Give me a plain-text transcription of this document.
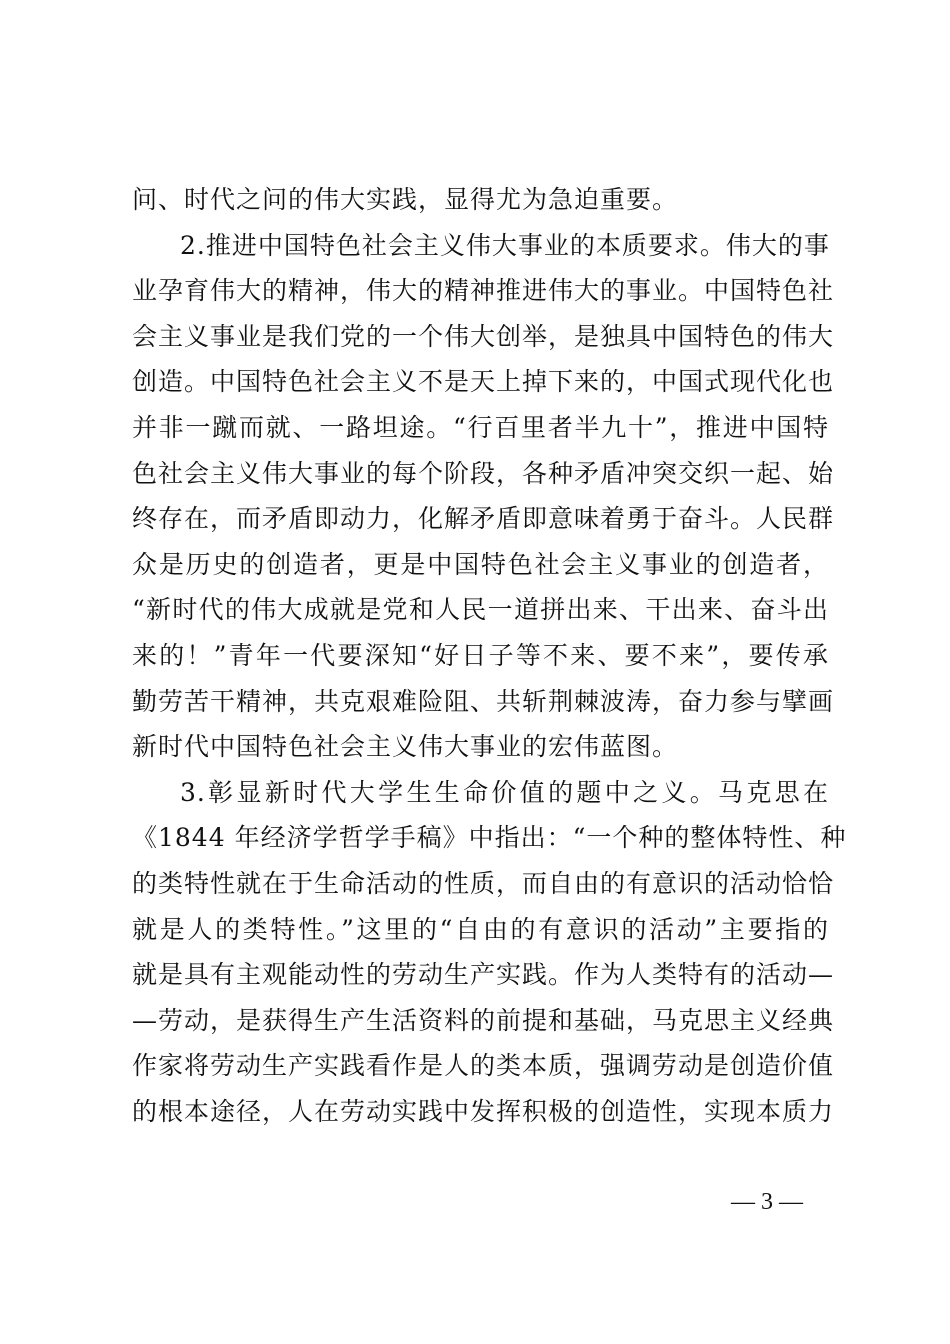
问、时代之问的伟大实践，显得尤为急迫重要。
2.推进中国特色社会主义伟大事业的本质要求。伟大的事
业孕育伟大的精神，伟大的精神推进伟大的事业。中国特色社
会主义事业是我们党的一个伟大创举，是独具中国特色的伟大
创造。中国特色社会主义不是天上掉下来的，中国式现代化也
并非一蹴而就、一路坦途。“行百里者半九十”，推进中国特
色社会主义伟大事业的每个阶段，各种矛盾冲突交织一起、始
终存在，而矛盾即动力，化解矛盾即意味着勇于奋斗。人民群
众是历史的创造者，更是中国特色社会主义事业的创造者，
“新时代的伟大成就是党和人民一道拼出来、干出来、奋斗出
来的！”青年一代要深知“好日子等不来、要不来”，要传承
勤劳苦干精神，共克艰难险阻、共斩荆棘波涛，奋力参与擘画
新时代中国特色社会主义伟大事业的宏伟蓝图。
3.彰显新时代大学生生命价值的题中之义。马克思在
《1844 年经济学哲学手稿》中指出：“一个种的整体特性、种
的类特性就在于生命活动的性质，而自由的有意识的活动恰恰
就是人的类特性。”这里的“自由的有意识的活动”主要指的
就是具有主观能动性的劳动生产实践。作为人类特有的活动—
—劳动，是获得生产生活资料的前提和基础，马克思主义经典
作家将劳动生产实践看作是人的类本质，强调劳动是创造价值
的根本途径，人在劳动实践中发挥积极的创造性，实现本质力
— 3 —
